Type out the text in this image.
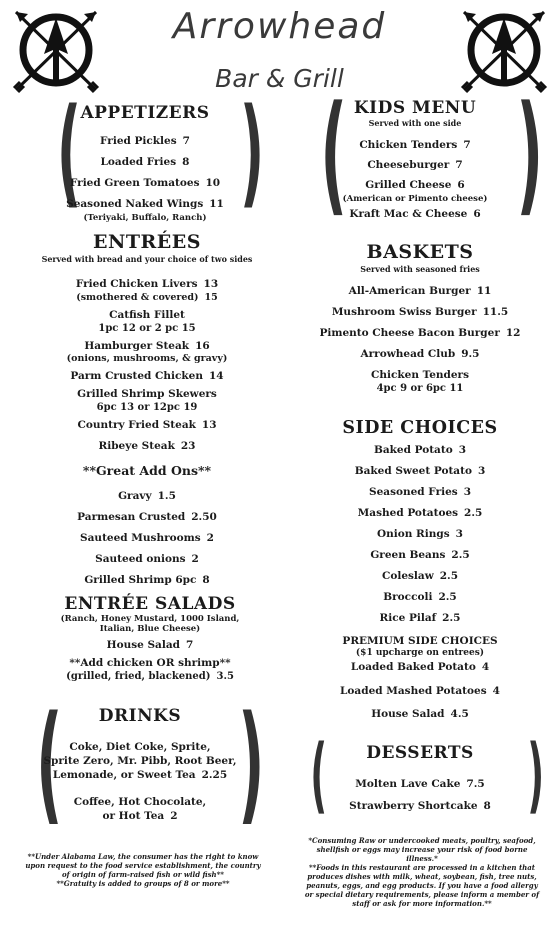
Arrowhead
Bar & Grill
( ) ( )
( ) ( )
APPETIZERS
Fried Pickles 7
Loaded Fries 8
Fried Green Tomatoes 10
Seasoned Naked Wings 11
(Teriyaki, Buffalo, Ranch)
KIDS MENU
Served with one side
Chicken Tenders 7
Cheeseburger 7
Grilled Cheese 6
(American or Pimento cheese)
Kraft Mac & Cheese 6
ENTRÉES
Served with bread and your choice of two sides
Fried Chicken Livers 13
(smothered & covered) 15
Catfish Fillet
1pc 12 or 2 pc 15
Hamburger Steak 16
(onions, mushrooms, & gravy)
Parm Crusted Chicken 14
Grilled Shrimp Skewers
6pc 13 or 12pc 19
Country Fried Steak 13
Ribeye Steak 23
**Great Add Ons**
Gravy 1.5
Parmesan Crusted 2.50
Sauteed Mushrooms 2
Sauteed onions 2
Grilled Shrimp 6pc 8
ENTRÉE SALADS
(Ranch, Honey Mustard, 1000 Island,
Italian, Blue Cheese)
House Salad 7
**Add chicken OR shrimp**
(grilled, fried, blackened) 3.5
DRINKS
Coke, Diet Coke, Sprite,
Sprite Zero, Mr. Pibb, Root Beer,
Lemonade, or Sweet Tea 2.25
Coffee, Hot Chocolate,
or Hot Tea 2
BASKETS
Served with seasoned fries
All-American Burger 11
Mushroom Swiss Burger 11.5
Pimento Cheese Bacon Burger 12
Arrowhead Club 9.5
Chicken Tenders
4pc 9 or 6pc 11
SIDE CHOICES
Baked Potato 3
Baked Sweet Potato 3
Seasoned Fries 3
Mashed Potatoes 2.5
Onion Rings 3
Green Beans 2.5
Coleslaw 2.5
Broccoli 2.5
Rice Pilaf 2.5
PREMIUM SIDE CHOICES
($1 upcharge on entrees)
Loaded Baked Potato 4
Loaded Mashed Potatoes 4
House Salad 4.5
DESSERTS
Molten Lave Cake 7.5
Strawberry Shortcake 8
**Under Alabama Law, the consumer has the right to know
upon request to the food service establishment, the country
of origin of farm-raised fish or wild fish**
**Gratuity is added to groups of 8 or more**
*Consuming Raw or undercooked meats, poultry, seafood,
shellfish or eggs may increase your risk of food borne
illness.*
**Foods in this restaurant are processed in a kitchen that
produces dishes with milk, wheat, soybean, fish, tree nuts,
peanuts, eggs, and egg products. If you have a food allergy
or special dietary requirements, please inform a member of
staff or ask for more information.**
